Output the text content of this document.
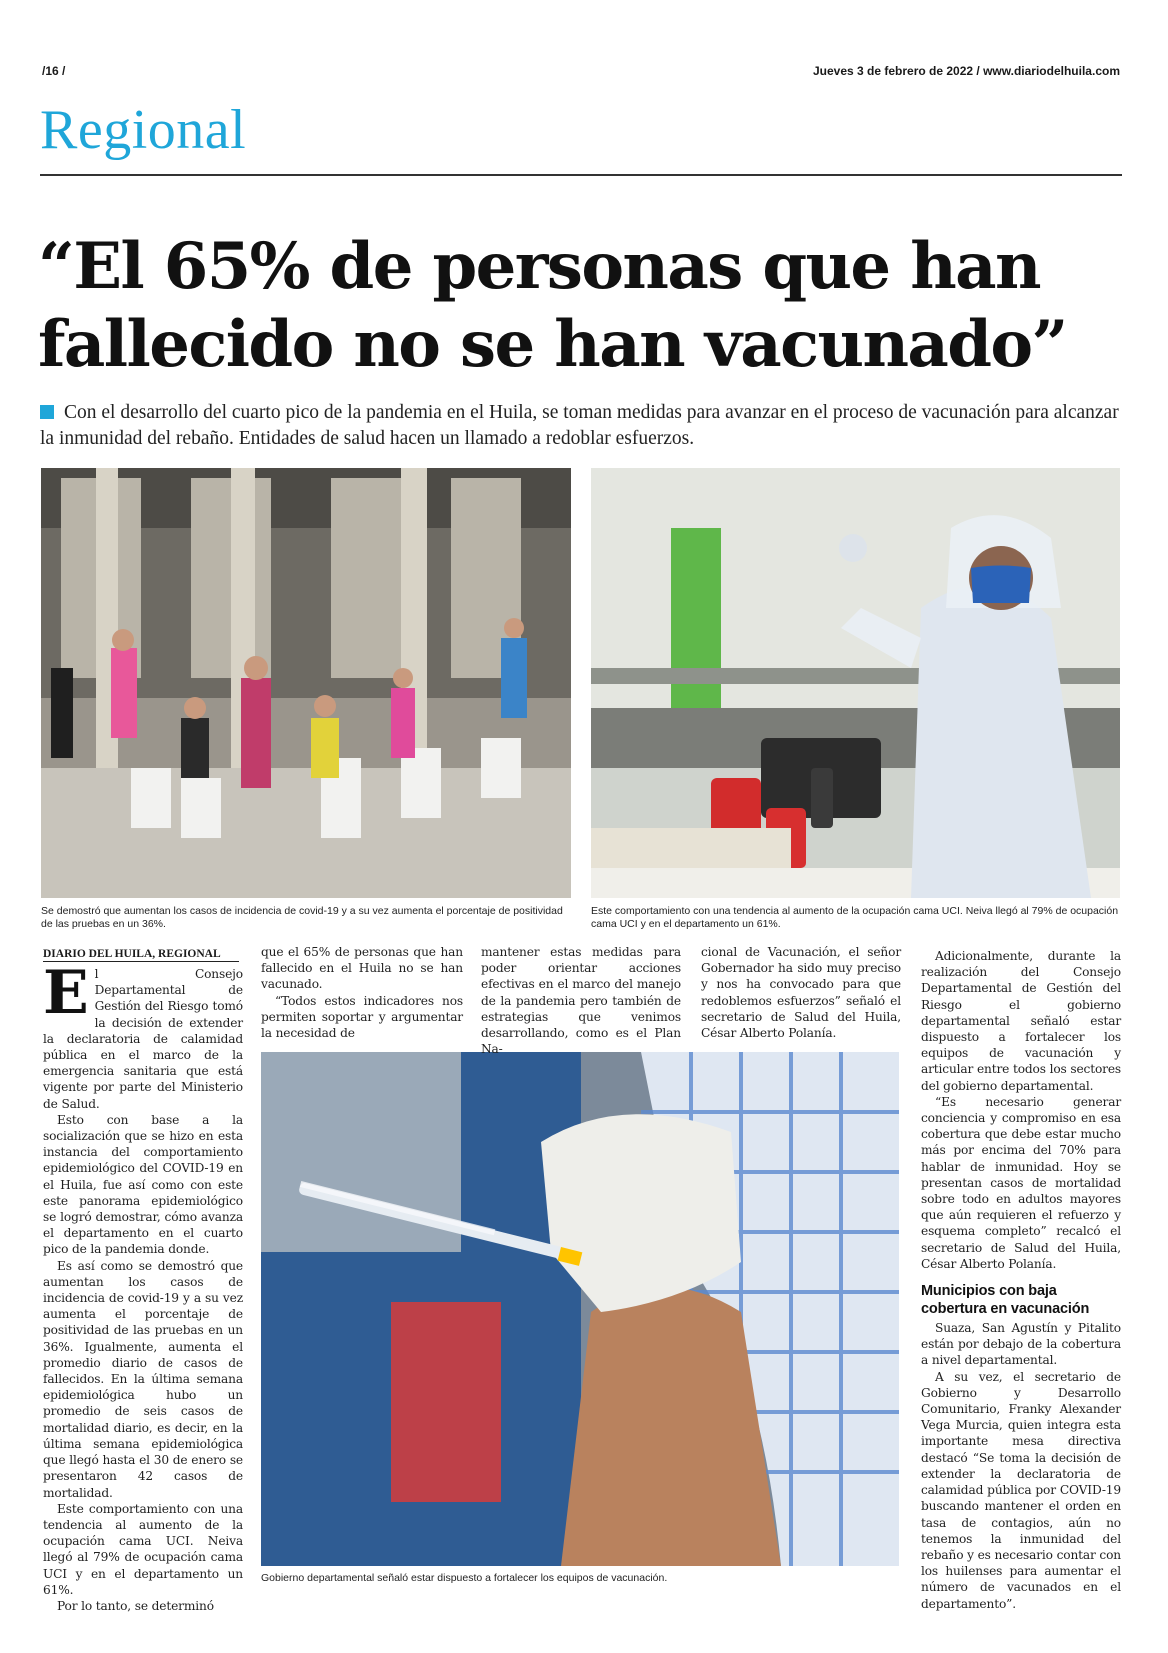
/16 /	Jueves 3 de febrero de 2022 / www.diariodelhuila.com
Regional
“El 65% de personas que han fallecido no se han vacunado”
Con el desarrollo del cuarto pico de la pandemia en el Huila, se toman medidas para avanzar en el proceso de vacunación para alcanzar la inmunidad del rebaño. Entidades de salud hacen un llamado a redoblar esfuerzos.
Se demostró que aumentan los casos de incidencia de covid-19 y a su vez aumenta el porcentaje de positividad de las pruebas en un 36%.
Este comportamiento con una tendencia al aumento de la ocupación cama UCI. Neiva llegó al 79% de ocupación cama UCI y en el departamento un 61%.
Gobierno departamental señaló estar dispuesto a fortalecer los equipos de vacunación.
DIARIO DEL HUILA, REGIONAL

El Consejo Departamental de Gestión del Riesgo tomó la decisión de extender la declaratoria de calamidad pública en el marco de la emergencia sanitaria que está vigente por parte del Ministerio de Salud.

Esto con base a la socialización que se hizo en esta instancia del comportamiento epidemiológico del COVID-19 en el Huila, fue así como con este este panorama epidemiológico se logró demostrar, cómo avanza el departamento en el cuarto pico de la pandemia donde.

Es así como se demostró que aumentan los casos de incidencia de covid-19 y a su vez aumenta el porcentaje de positividad de las pruebas en un 36%. Igualmente, aumenta el promedio diario de casos de fallecidos. En la última semana epidemiológica hubo un promedio de seis casos de mortalidad diario, es decir, en la última semana epidemiológica que llegó hasta el 30 de enero se presentaron 42 casos de mortalidad.

Este comportamiento con una tendencia al aumento de la ocupación cama UCI. Neiva llegó al 79% de ocupación cama UCI y en el departamento un 61%.

Por lo tanto, se determinó

que el 65% de personas que han fallecido en el Huila no se han vacunado.

“Todos estos indicadores nos permiten soportar y argumentar la necesidad de

mantener estas medidas para poder orientar acciones efectivas en el marco del manejo de la pandemia pero también de estrategias que venimos desarrollando, como es el Plan Na-

cional de Vacunación, el señor Gobernador ha sido muy preciso y nos ha convocado para que redoblemos esfuerzos” señaló el secretario de Salud del Huila, César Alberto Polanía.

Adicionalmente, durante la realización del Consejo Departamental de Gestión del Riesgo el gobierno departamental señaló estar dispuesto a fortalecer los equipos de vacunación y articular entre todos los sectores del gobierno departamental.

“Es necesario generar conciencia y compromiso en esa cobertura que debe estar mucho más por encima del 70% para hablar de inmunidad. Hoy se presentan casos de mortalidad sobre todo en adultos mayores que aún requieren el refuerzo y esquema completo” recalcó el secretario de Salud del Huila, César Alberto Polanía.

Municipios con baja cobertura en vacunación

Suaza, San Agustín y Pitalito están por debajo de la cobertura a nivel departamental.

A su vez, el secretario de Gobierno y Desarrollo Comunitario, Franky Alexander Vega Murcia, quien integra esta importante mesa directiva destacó “Se toma la decisión de extender la declaratoria de calamidad pública por COVID-19 buscando mantener el orden en tasa de contagios, aún no tenemos la inmunidad del rebaño y es necesario contar con los huilenses para aumentar el número de vacunados en el departamento”.
